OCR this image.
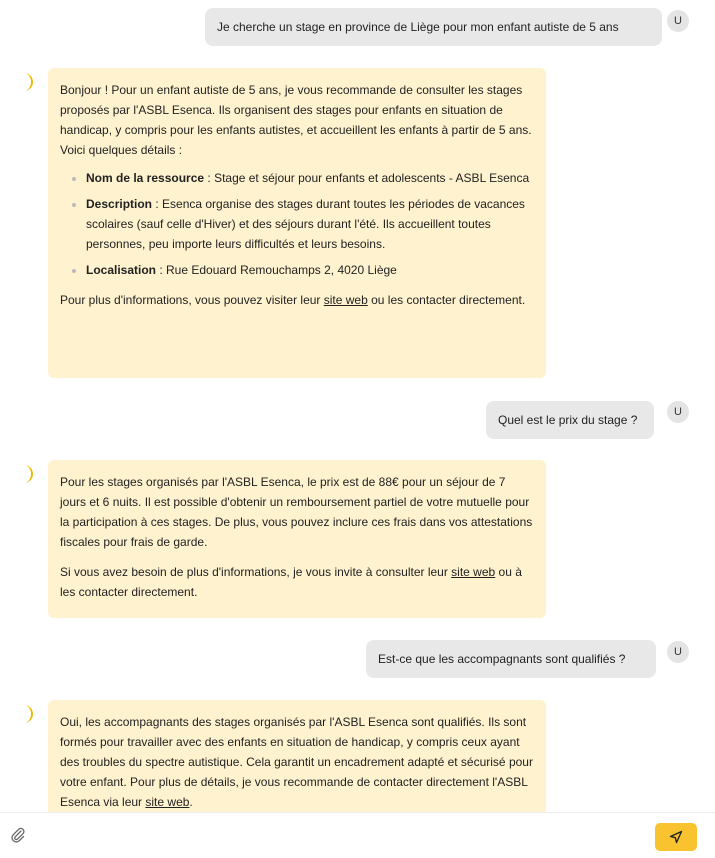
Je cherche un stage en province de Liège pour mon enfant autiste de 5 ans	U

Bonjour ! Pour un enfant autiste de 5 ans, je vous recommande de consulter les stages proposés par l'ASBL Esenca. Ils organisent des stages pour enfants en situation de handicap, y compris pour les enfants autistes, et accueillent les enfants à partir de 5 ans. Voici quelques détails :

• Nom de la ressource : Stage et séjour pour enfants et adolescents - ASBL Esenca
• Description : Esenca organise des stages durant toutes les périodes de vacances scolaires (sauf celle d'Hiver) et des séjours durant l'été. Ils accueillent toutes personnes, peu importe leurs difficultés et leurs besoins.
• Localisation : Rue Edouard Remouchamps 2, 4020 Liège

Pour plus d'informations, vous pouvez visiter leur site web ou les contacter directement.

Quel est le prix du stage ?
U

Pour les stages organisés par l'ASBL Esenca, le prix est de 88€ pour un séjour de 7 jours et 6 nuits. Il est possible d'obtenir un remboursement partiel de votre mutuelle pour la participation à ces stages. De plus, vous pouvez inclure ces frais dans vos attestations fiscales pour frais de garde.

Si vous avez besoin de plus d'informations, je vous invite à consulter leur site web ou à les contacter directement.

Est-ce que les accompagnants sont qualifiés ?	U

Oui, les accompagnants des stages organisés par l'ASBL Esenca sont qualifiés. Ils sont formés pour travailler avec des enfants en situation de handicap, y compris ceux ayant des troubles du spectre autistique. Cela garantit un encadrement adapté et sécurisé pour votre enfant. Pour plus de détails, je vous recommande de contacter directement l'ASBL Esenca via leur site web.
